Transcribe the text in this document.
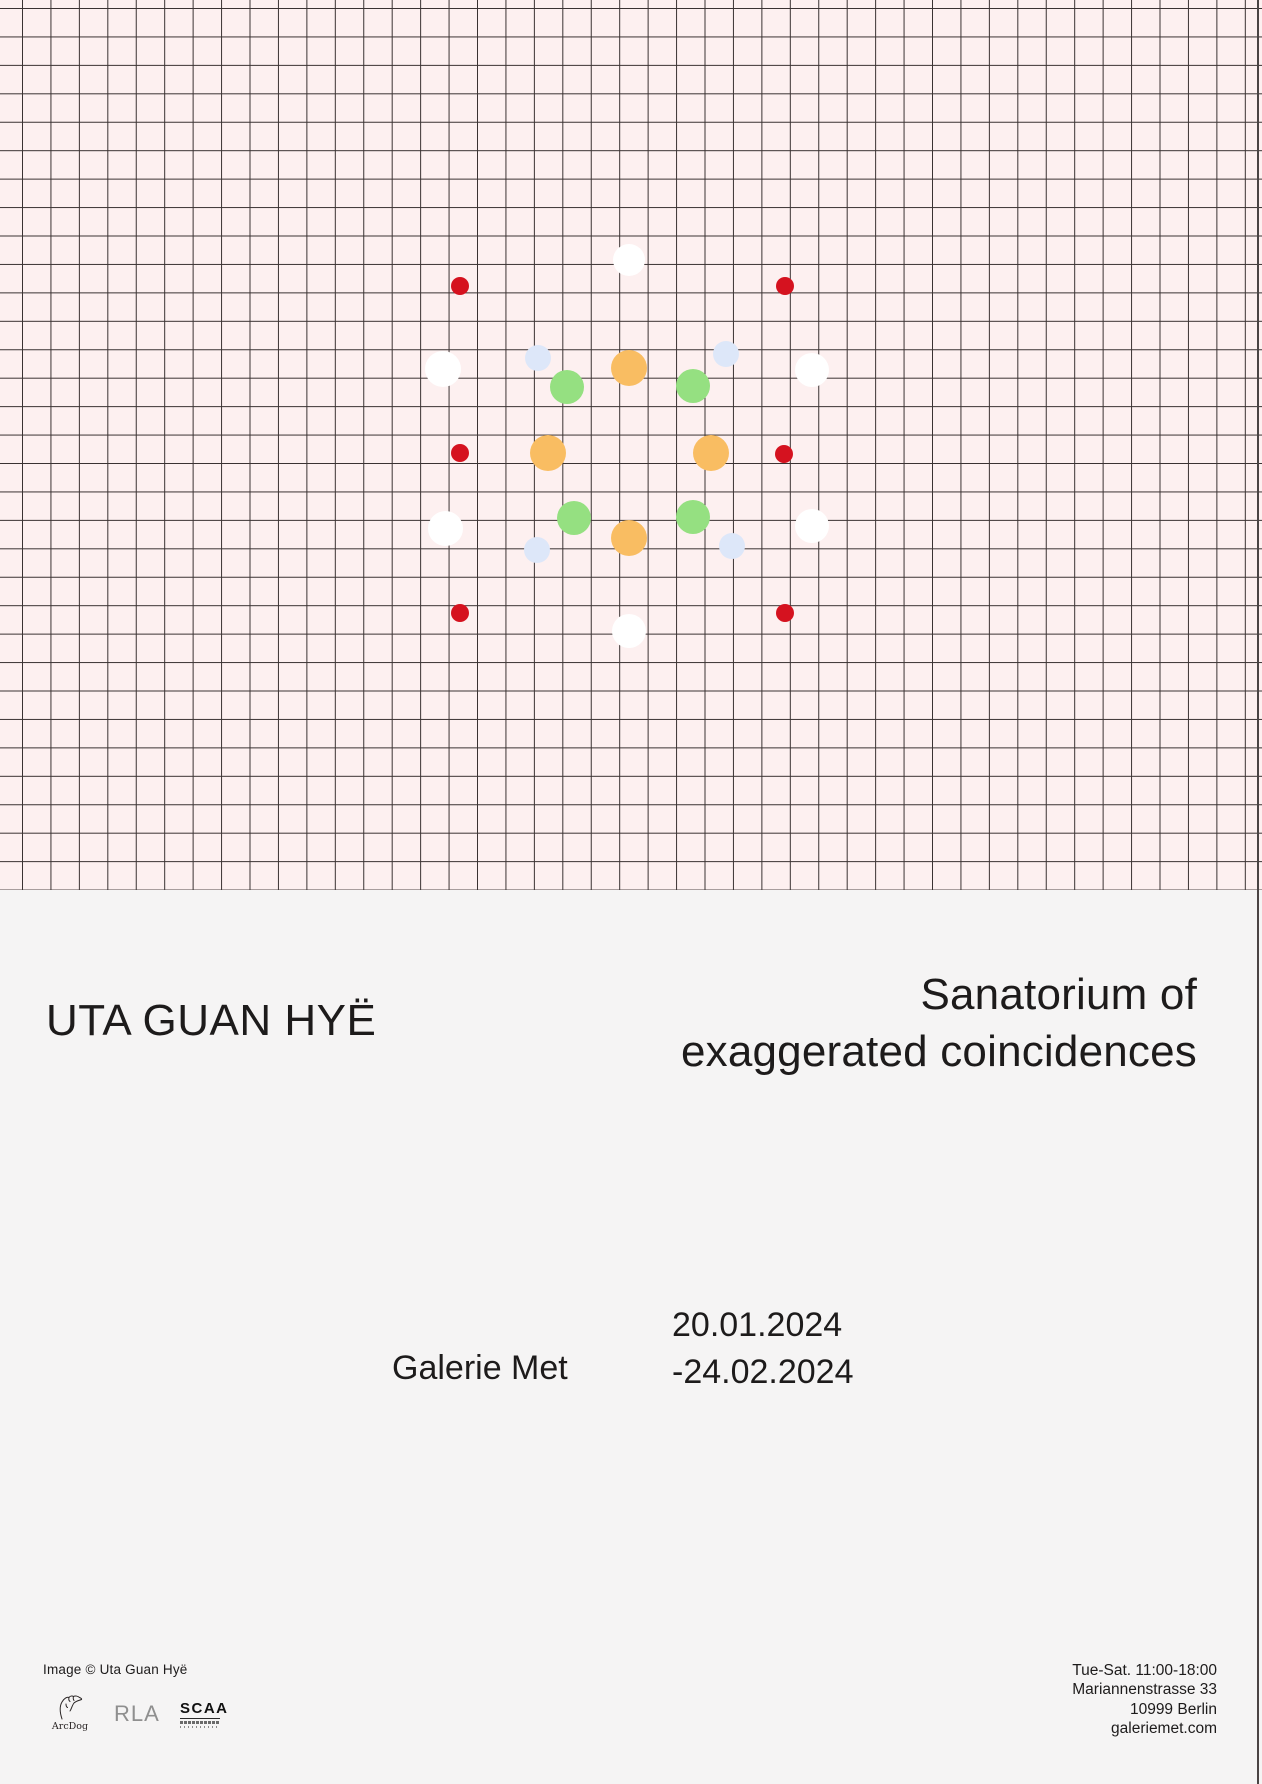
UTA GUAN HYË
Sanatorium of
exaggerated coincidences
Galerie Met
20.01.2024
-24.02.2024
Image © Uta Guan Hyë
ArcDog
RLA SCAA
Tue-Sat. 11:00-18:00
Mariannenstrasse 33
10999 Berlin
galeriemet.com
